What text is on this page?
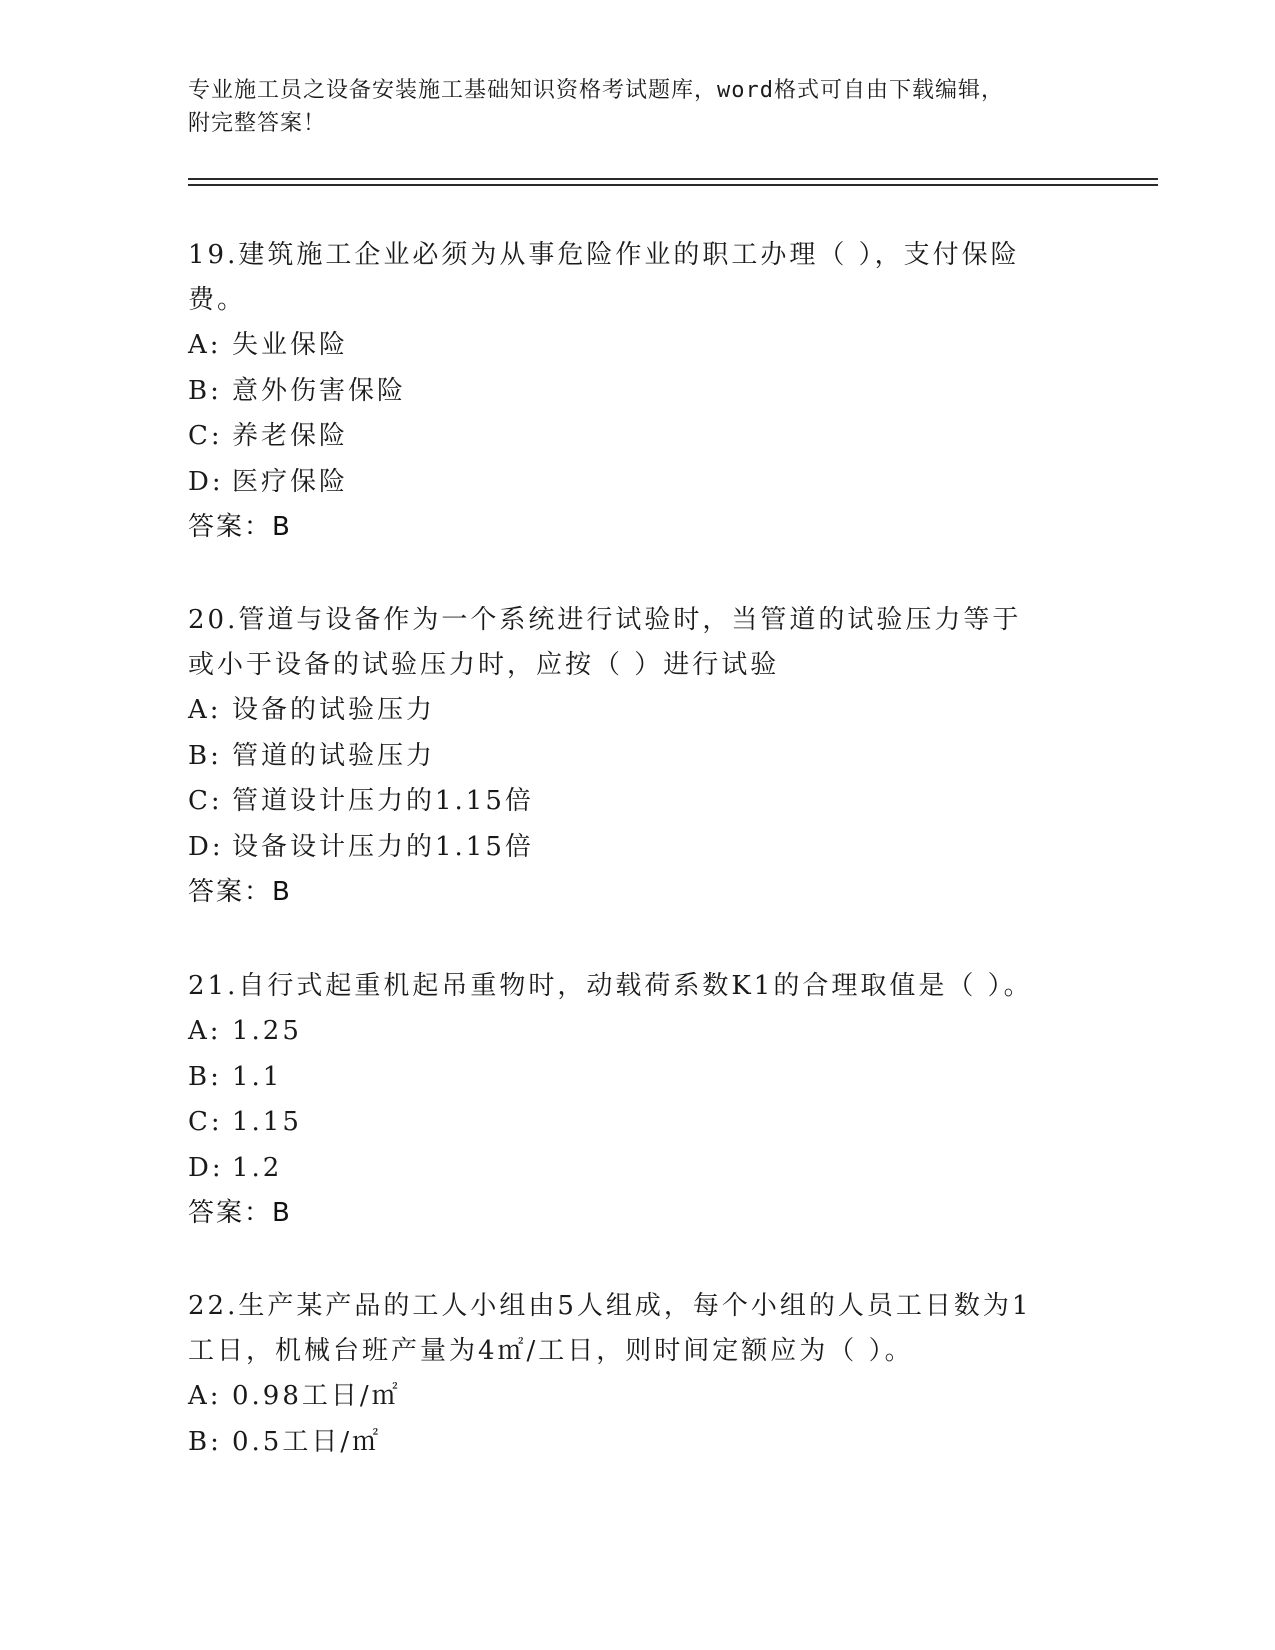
专业施工员之设备安装施工基础知识资格考试题库，word格式可自由下载编辑，
附完整答案！

19.建筑施工企业必须为从事危险作业的职工办理（ ），支付保险费。

A: 失业保险

B: 意外伤害保险

C: 养老保险

D: 医疗保险

答案：B

20.管道与设备作为一个系统进行试验时，当管道的试验压力等于或小于设备的试验压力时，应按（ ）进行试验

A: 设备的试验压力

B: 管道的试验压力

C: 管道设计压力的1.15倍

D: 设备设计压力的1.15倍

答案：B

21.自行式起重机起吊重物时，动载荷系数K1的合理取值是（ ）。

A: 1.25

B: 1.1

C: 1.15

D: 1.2

答案：B

22.生产某产品的工人小组由5人组成，每个小组的人员工日数为1工日，机械台班产量为4㎡/工日，则时间定额应为（ ）。

A: 0.98工日/㎡

B: 0.5工日/㎡
